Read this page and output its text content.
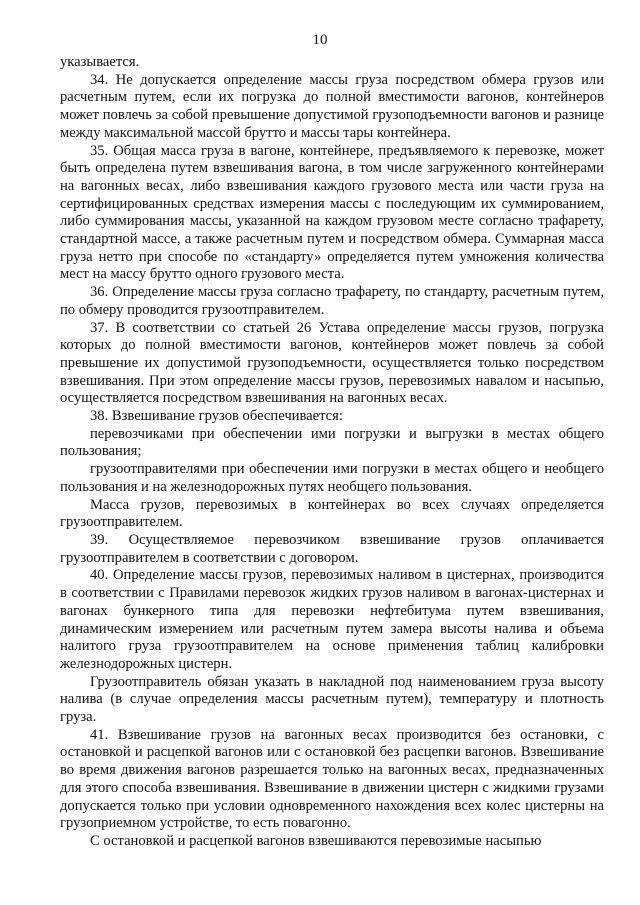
10

указывается.

34. Не допускается определение массы груза посредством обмера грузов или расчетным путем, если их погрузка до полной вместимости вагонов, контейнеров может повлечь за собой превышение допустимой грузоподъемности вагонов и разнице между максимальной массой брутто и массы тары контейнера.

35. Общая масса груза в вагоне, контейнере, предъявляемого к перевозке, может быть определена путем взвешивания вагона, в том числе загруженного контейнерами на вагонных весах, либо взвешивания каждого грузового места или части груза на сертифицированных средствах измерения массы с последующим их суммированием, либо суммирования массы, указанной на каждом грузовом месте согласно трафарету, стандартной массе, а также расчетным путем и посредством обмера. Суммарная масса груза нетто при способе по «стандарту» определяется путем умножения количества мест на массу брутто одного грузового места.

36. Определение массы груза согласно трафарету, по стандарту, расчетным путем, по обмеру проводится грузоотправителем.

37. В соответствии со статьей 26 Устава определение массы грузов, погрузка которых до полной вместимости вагонов, контейнеров может повлечь за собой превышение их допустимой грузоподъемности, осуществляется только посредством взвешивания. При этом определение массы грузов, перевозимых навалом и насыпью, осуществляется посредством взвешивания на вагонных весах.

38. Взвешивание грузов обеспечивается:

перевозчиками при обеспечении ими погрузки и выгрузки в местах общего пользования;

грузоотправителями при обеспечении ими погрузки в местах общего и необщего пользования и на железнодорожных путях необщего пользования.

Масса грузов, перевозимых в контейнерах во всех случаях определяется грузоотправителем.

39. Осуществляемое перевозчиком взвешивание грузов оплачивается грузоотправителем в соответствии с договором.

40. Определение массы грузов, перевозимых наливом в цистернах, производится в соответствии с Правилами перевозок жидких грузов наливом в вагонах-цистернах и вагонах бункерного типа для перевозки нефтебитума путем взвешивания, динамическим измерением или расчетным путем замера высоты налива и объема налитого груза грузоотправителем на основе применения таблиц калибровки железнодорожных цистерн.

Грузоотправитель обязан указать в накладной под наименованием груза высоту налива (в случае определения массы расчетным путем), температуру и плотность груза.

41. Взвешивание грузов на вагонных весах производится без остановки, с остановкой и расцепкой вагонов или с остановкой без расцепки вагонов. Взвешивание во время движения вагонов разрешается только на вагонных весах, предназначенных для этого способа взвешивания. Взвешивание в движении цистерн с жидкими грузами допускается только при условии одновременного нахождения всех колес цистерны на грузоприемном устройстве, то есть повагонно.

С остановкой и расцепкой вагонов взвешиваются перевозимые насыпью
